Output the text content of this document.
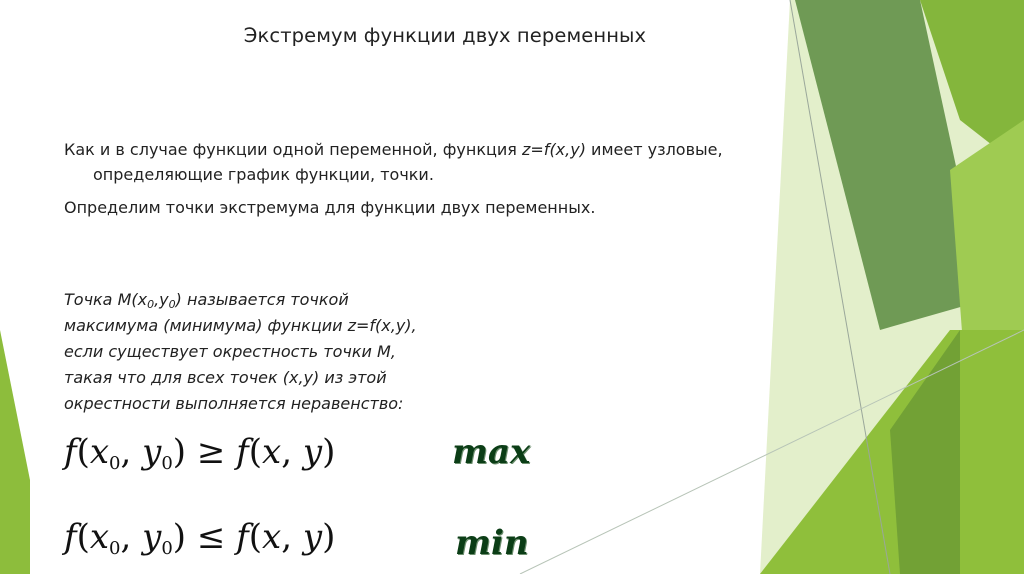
Экстремум функции двух переменных
Как и в случае функции одной переменной, функция z=f(x,y) имеет узловые,
определяющие график функции, точки.
Определим точки экстремума для функции двух переменных.
Точка $M(x_0,y_0)$ называется точкой
максимума (минимума) функции z=f(x,y),
если существует окрестность точки M,
такая что для всех точек (x,y) из этой
окрестности выполняется неравенство:
$f(x_0$, $y_0) \ge f(x$, y)	max
$f(x_0$, $y_0) \le f(x$, y)	min
